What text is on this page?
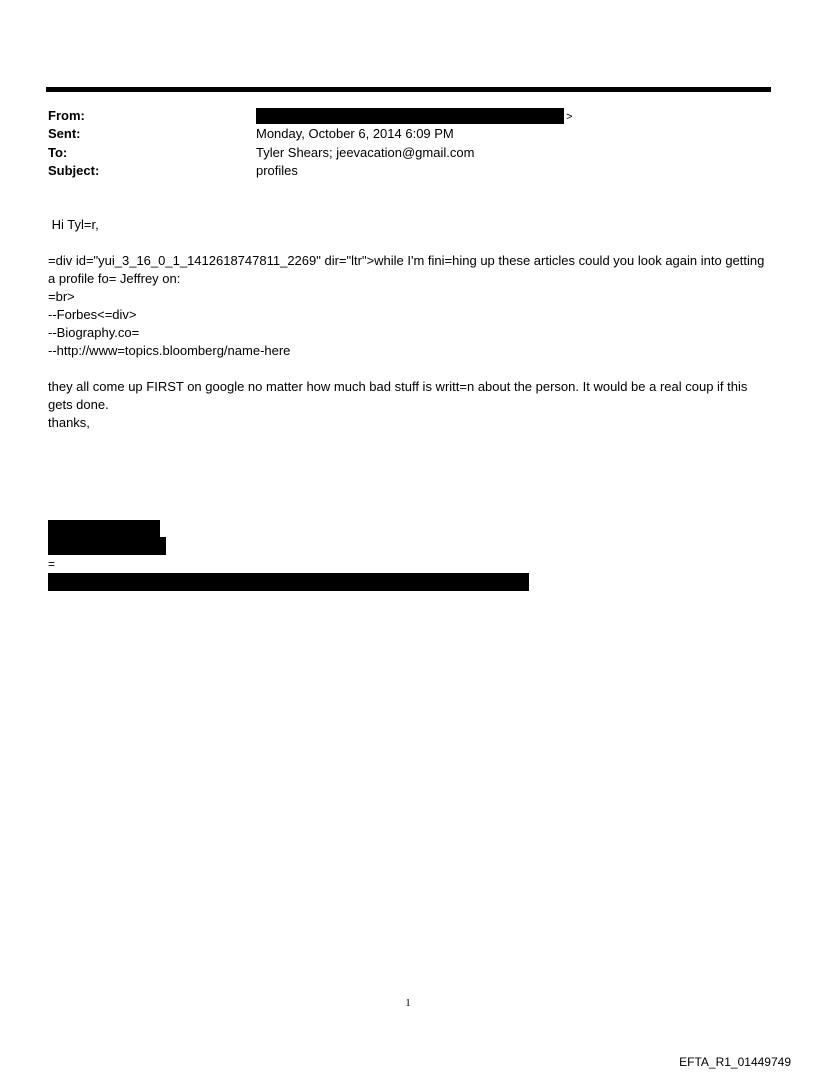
From:	>
Sent:	Monday, October 6, 2014 6:09 PM
To:	Tyler Shears; jeevacation@gmail.com
Subject:	profiles
Hi Tyl=r,
=div id="yui_3_16_0_1_1412618747811_2269" dir="ltr">while I'm fini=hing up these articles could you look again into getting a profile fo= Jeffrey on:
=br>
--Forbes<=div>
--Biography.co=
--http://www=topics.bloomberg/name-here
they all come up FIRST on google no matter how much bad stuff is writt=n about the person. It would be a real coup if this gets done.
thanks,
=
1
EFTA_R1_01449749
